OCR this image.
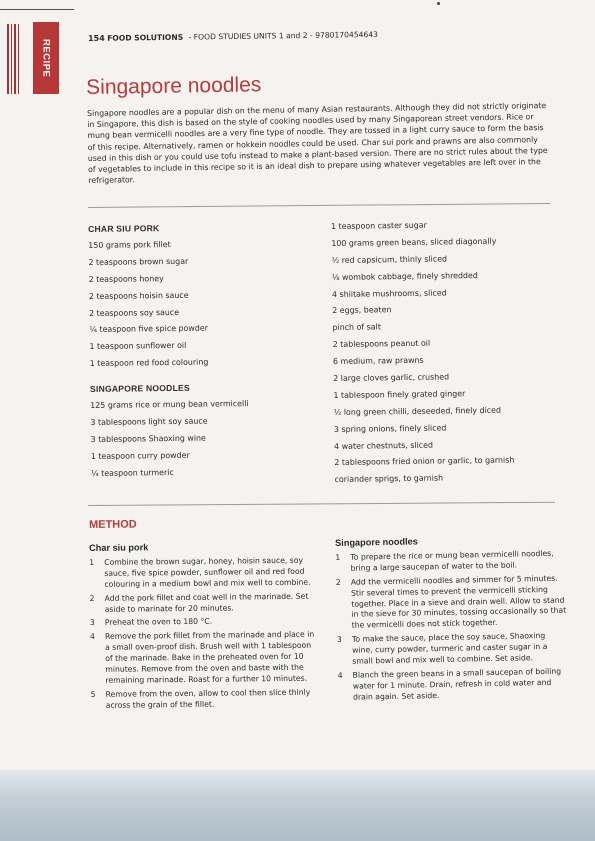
RECIPE
154 FOOD SOLUTIONS - FOOD STUDIES UNITS 1 and 2 - 9780170454643
Singapore noodles

Singapore noodles are a popular dish on the menu of many Asian restaurants. Although they did not strictly originate in Singapore, this dish is based on the style of cooking noodles used by many Singaporean street vendors. Rice or mung bean vermicelli noodles are a very fine type of noodle. They are tossed in a light curry sauce to form the basis of this recipe. Alternatively, ramen or hokkein noodles could be used. Char sui pork and prawns are also commonly used in this dish or you could use tofu instead to make a plant-based version. There are no strict rules about the type of vegetables to include in this recipe so it is an ideal dish to prepare using whatever vegetables are left over in the refrigerator.

CHAR SIU PORK
150 grams pork fillet
2 teaspoons brown sugar
2 teaspoons honey
2 teaspoons hoisin sauce
2 teaspoons soy sauce
¼ teaspoon five spice powder
1 teaspoon sunflower oil
1 teaspoon red food colouring
SINGAPORE NOODLES
125 grams rice or mung bean vermicelli
3 tablespoons light soy sauce
3 tablespoons Shaoxing wine
1 teaspoon curry powder
¼ teaspoon turmeric
1 teaspoon caster sugar
100 grams green beans, sliced diagonally
½ red capsicum, thinly sliced
⅛ wombok cabbage, finely shredded
4 shiitake mushrooms, sliced
2 eggs, beaten
pinch of salt
2 tablespoons peanut oil
6 medium, raw prawns
2 large cloves garlic, crushed
1 tablespoon finely grated ginger
½ long green chilli, deseeded, finely diced
3 spring onions, finely sliced
4 water chestnuts, sliced
2 tablespoons fried onion or garlic, to garnish
coriander sprigs, to garnish
METHOD
Char siu pork
1	Combine the brown sugar, honey, hoisin sauce, soy sauce, five spice powder, sunflower oil and red food colouring in a medium bowl and mix well to combine.
2	Add the pork fillet and coat well in the marinade. Set aside to marinate for 20 minutes.
3	Preheat the oven to 180 °C.
4	Remove the pork fillet from the marinade and place in a small oven-proof dish. Brush well with 1 tablespoon of the marinade. Bake in the preheated oven for 10 minutes. Remove from the oven and baste with the remaining marinade. Roast for a further 10 minutes.
5	Remove from the oven, allow to cool then slice thinly across the grain of the fillet.
Singapore noodles
1	To prepare the rice or mung bean vermicelli noodles, bring a large saucepan of water to the boil.
2	Add the vermicelli noodles and simmer for 5 minutes. Stir several times to prevent the vermicelli sticking together. Place in a sieve and drain well. Allow to stand in the sieve for 30 minutes, tossing occasionally so that the vermicelli does not stick together.
3	To make the sauce, place the soy sauce, Shaoxing wine, curry powder, turmeric and caster sugar in a small bowl and mix well to combine. Set aside.
4	Blanch the green beans in a small saucepan of boiling water for 1 minute. Drain, refresh in cold water and drain again. Set aside.
